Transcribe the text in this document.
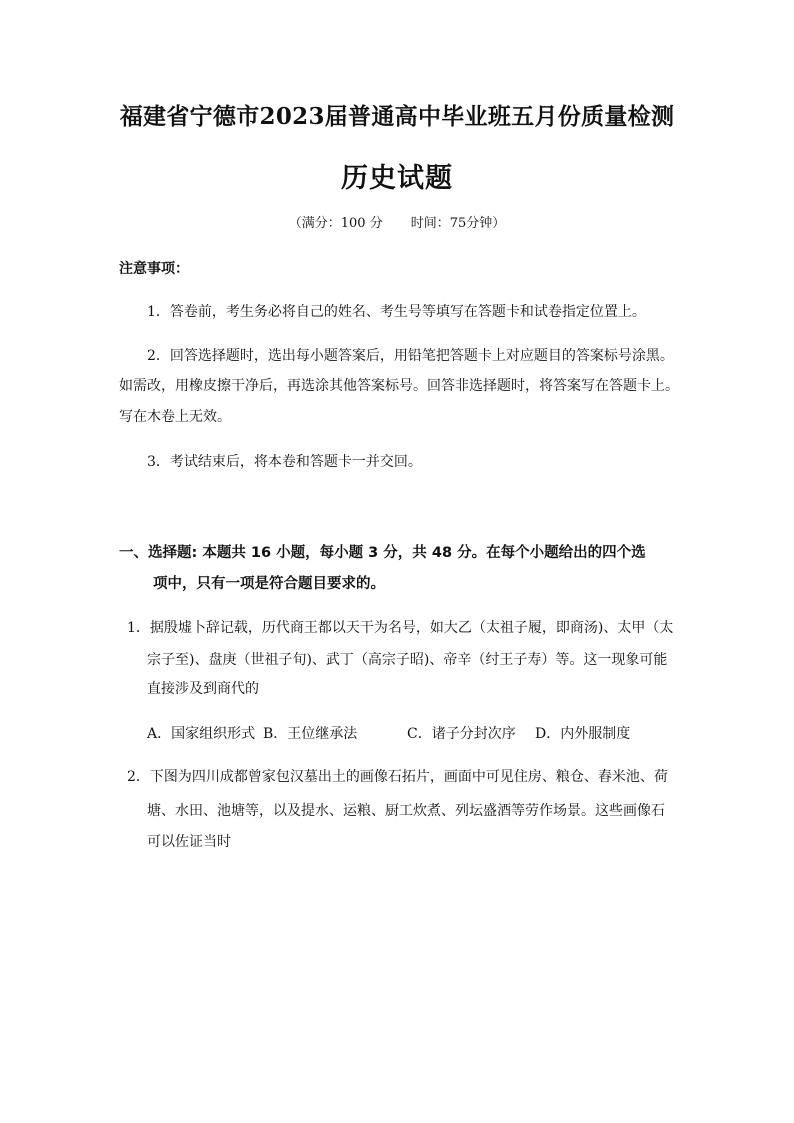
福建省宁德市2023届普通高中毕业班五月份质量检测
历史试题
（满分：100 分 时间：75分钟）
注意事项：
1．答卷前，考生务必将自己的姓名、考生号等填写在答题卡和试卷指定位置上。
2．回答选择题时，选出每小题答案后，用铅笔把答题卡上对应题目的答案标号涂黑。
如需改，用橡皮擦干净后，再选涂其他答案标号。回答非选择题时，将答案写在答题卡上。
写在木卷上无效。
3．考试结束后，将本卷和答题卡一并交回。
一、选择题: 本题共 16 小题，每小题 3 分，共 48 分。在每个小题给出的四个选
项中，只有一项是符合题目要求的。
1．据殷墟卜辞记载，历代商王都以天干为名号，如大乙（太祖子履，即商汤)、太甲（太
宗子至)、盘庚（世祖子旬)、武丁（高宗子昭)、帝辛（纣王子寿）等。这一现象可能
直接涉及到商代的
A．国家组织形式 B．王位继承法	C．诸子分封次序 D．内外服制度
2．下图为四川成都曾家包汉墓出土的画像石拓片，画面中可见住房、粮仓、舂米池、荷
塘、水田、池塘等，以及提水、运粮、厨工炊煮、列坛盛酒等劳作场景。这些画像石
可以佐证当时
